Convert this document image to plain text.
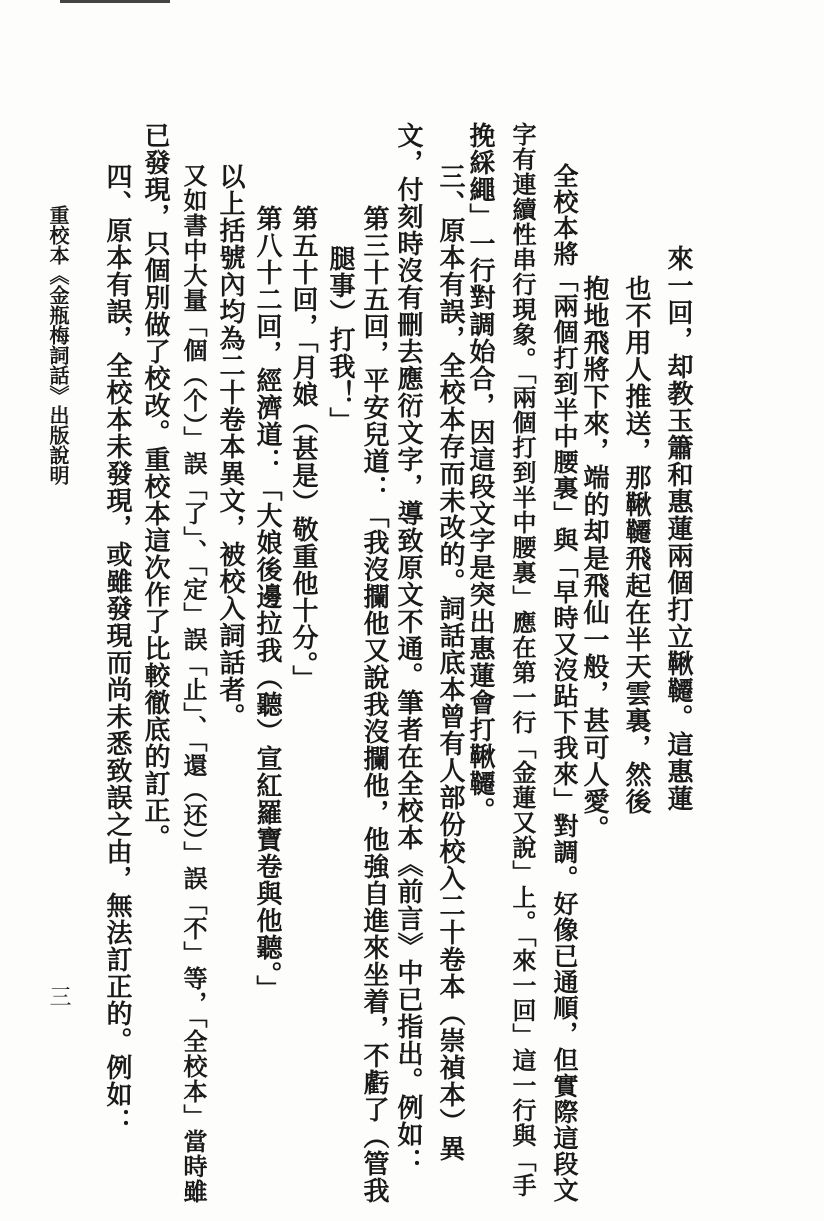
來一回，却教玉簫和惠蓮兩個打立鞦韆。這惠蓮
也不用人推送，那鞦韆飛起在半天雲裏，然後
抱地飛將下來，端的却是飛仙一般，甚可人愛。
全校本將「兩個打到半中腰裏」與「早時又沒跕下我來」對調。好像已通順，但實際這段文
字有連續性串行現象。「兩個打到半中腰裏」應在第一行「金蓮又說」上。「來一回」這一行與「手
挽綵繩」一行對調始合，因這段文字是突出惠蓮會打鞦韆。
三、原本有誤，全校本存而未改的。詞話底本曾有人部份校入二十卷本（崇禎本）異
文，付刻時沒有刪去應衍文字，導致原文不通。筆者在全校本《前言》中已指出。例如：
第三十五回，平安兒道：「我沒攔他又說我沒攔他，他強自進來坐着，不虧了（管我
腿事）打我！」
第五十回，「月娘（甚是）敬重他十分。」
第八十二回，經濟道：「大娘後邊拉我（聽）宣紅羅寶卷與他聽。」
以上括號內均為二十卷本異文，被校入詞話者。
又如書中大量「個（个）」誤「了」、「定」誤「止」、「還（还）」誤「不」等，「全校本」當時雖
已發現，只個別做了校改。重校本這次作了比較徹底的訂正。
四、原本有誤，全校本未發現，或雖發現而尚未悉致誤之由，無法訂正的。例如：
重校本《金瓶梅詞話》出版說明
三
